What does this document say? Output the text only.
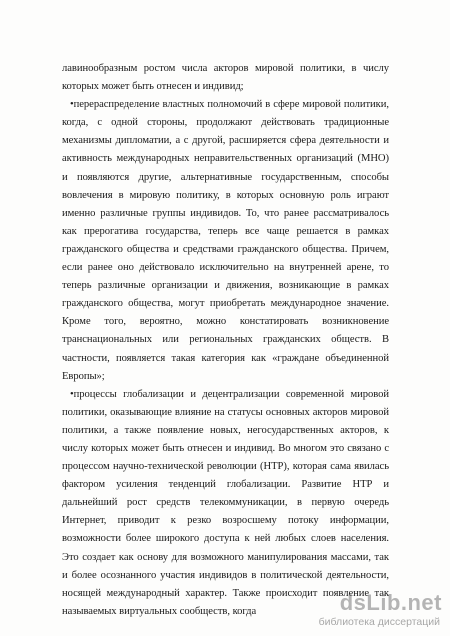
лавинообразным ростом числа акторов мировой политики, в числу которых может быть отнесен и индивид;

•перераспределение властных полномочий в сфере мировой политики, когда, с одной стороны, продолжают действовать традиционные механизмы дипломатии, а с другой, расширяется сфера деятельности и активность международных неправительственных организаций (МНО) и появляются другие, альтернативные государственным, способы вовлечения в мировую политику, в которых основную роль играют именно различные группы индивидов. То, что ранее рассматривалось как прерогатива государства, теперь все чаще решается в рамках гражданского общества и средствами гражданского общества. Причем, если ранее оно действовало исключительно на внутренней арене, то теперь различные организации и движения, возникающие в рамках гражданского общества, могут приобретать международное значение. Кроме того, вероятно, можно констатировать возникновение транснациональных или региональных гражданских обществ. В частности, появляется такая категория как «граждане объединенной Европы»;

•процессы глобализации и децентрализации современной мировой политики, оказывающие влияние на статусы основных акторов мировой политики, а также появление новых, негосударственных акторов, к числу которых может быть отнесен и индивид. Во многом это связано с процессом научно-технической революции (НТР), которая сама явилась фактором усиления тенденций глобализации. Развитие НТР и дальнейший рост средств телекоммуникации, в первую очередь Интернет, приводит к резко возросшему потоку информации, возможности более широкого доступа к ней любых слоев населения. Это создает как основу для возможного манипулирования массами, так и более осознанного участия индивидов в политической деятельности, носящей международный характер. Также происходит появление так называемых виртуальных сообществ, когда	dsLib.net
библиотека диссертаций
